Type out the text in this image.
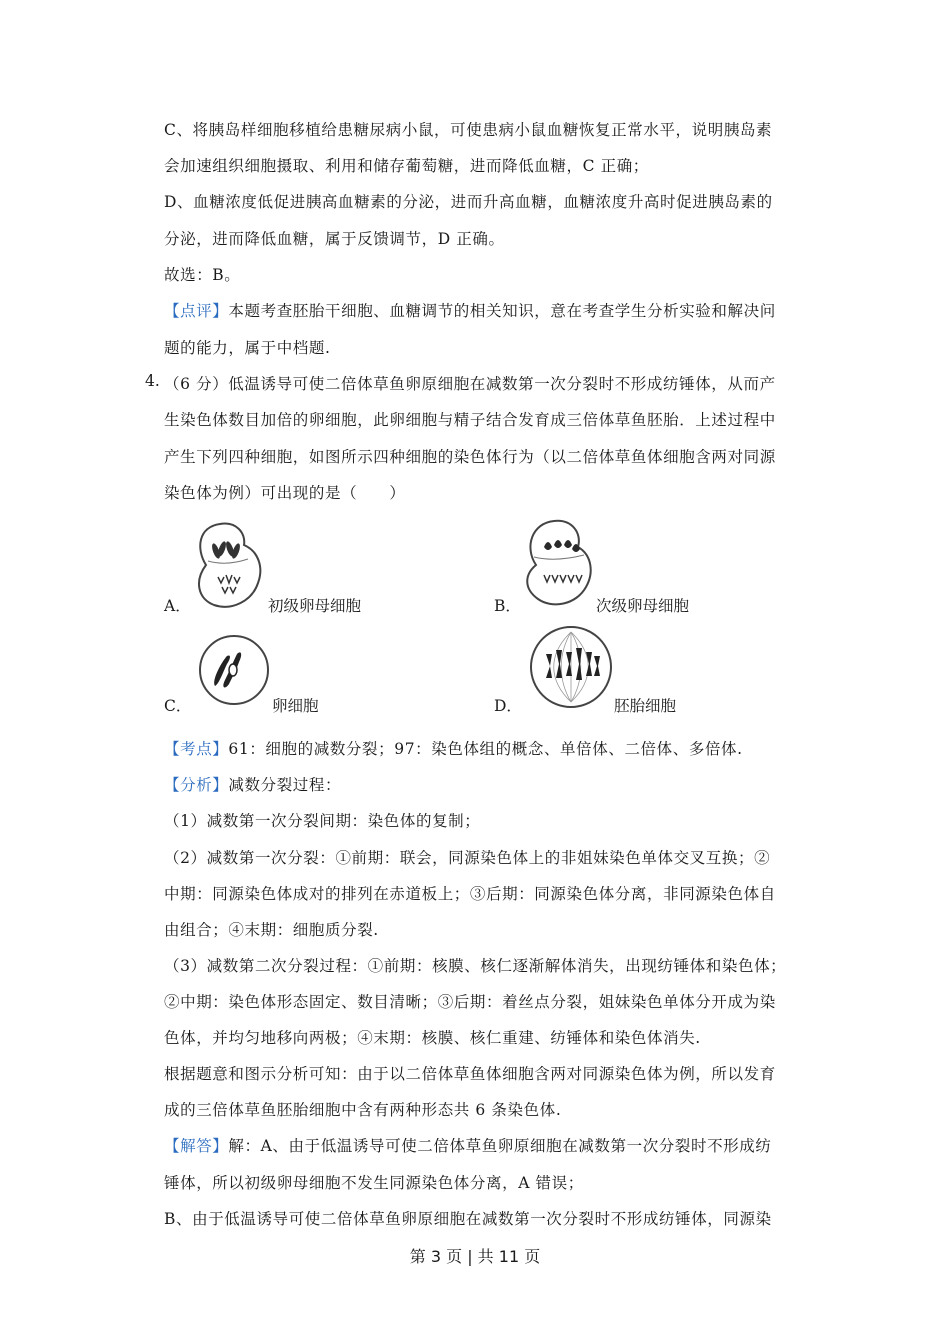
C、将胰岛样细胞移植给患糖尿病小鼠，可使患病小鼠血糖恢复正常水平，说明胰岛素
会加速组织细胞摄取、利用和储存葡萄糖，进而降低血糖，C 正确；
D、血糖浓度低促进胰高血糖素的分泌，进而升高血糖，血糖浓度升高时促进胰岛素的
分泌，进而降低血糖，属于反馈调节，D 正确。
故选：B。
【点评】本题考查胚胎干细胞、血糖调节的相关知识，意在考查学生分析实验和解决问
题的能力，属于中档题.
4. （6 分）低温诱导可使二倍体草鱼卵原细胞在减数第一次分裂时不形成纺锤体，从而产
生染色体数目加倍的卵细胞，此卵细胞与精子结合发育成三倍体草鱼胚胎．上述过程中
产生下列四种细胞，如图所示四种细胞的染色体行为（以二倍体草鱼体细胞含两对同源
染色体为例）可出现的是（　　）
A．	初级卵母细胞	B．	次级卵母细胞
C．	卵细胞	D．	胚胎细胞
【考点】61：细胞的减数分裂；97：染色体组的概念、单倍体、二倍体、多倍体.
【分析】减数分裂过程：
（1）减数第一次分裂间期：染色体的复制；
（2）减数第一次分裂：①前期：联会，同源染色体上的非姐妹染色单体交叉互换；②
中期：同源染色体成对的排列在赤道板上；③后期：同源染色体分离，非同源染色体自
由组合；④末期：细胞质分裂.
（3）减数第二次分裂过程：①前期：核膜、核仁逐渐解体消失，出现纺锤体和染色体；
②中期：染色体形态固定、数目清晰；③后期：着丝点分裂，姐妹染色单体分开成为染
色体，并均匀地移向两极；④末期：核膜、核仁重建、纺锤体和染色体消失.
根据题意和图示分析可知：由于以二倍体草鱼体细胞含两对同源染色体为例，所以发育
成的三倍体草鱼胚胎细胞中含有两种形态共 6 条染色体.
【解答】解：A、由于低温诱导可使二倍体草鱼卵原细胞在减数第一次分裂时不形成纺
锤体，所以初级卵母细胞不发生同源染色体分离，A 错误；
B、由于低温诱导可使二倍体草鱼卵原细胞在减数第一次分裂时不形成纺锤体，同源染
第 3 页 | 共 11 页
